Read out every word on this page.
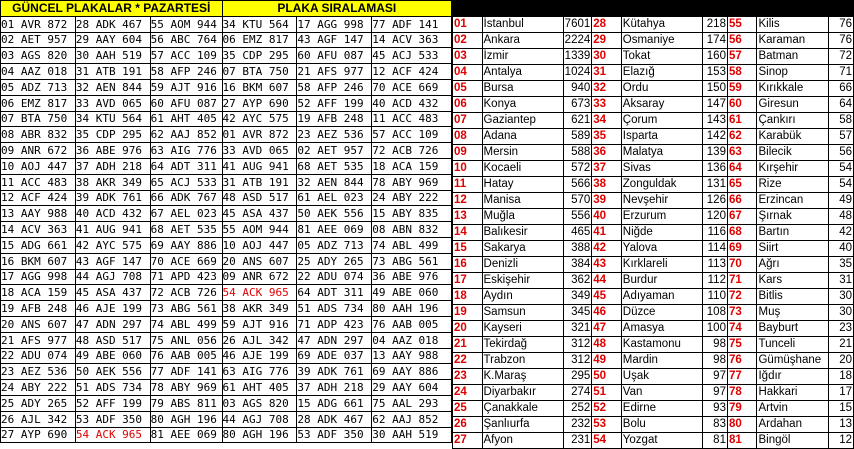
GÜNCEL PLAKALAR * PAZARTESİ			PLAKA SIRALAMASI		
01 AVR 872	28 ADK 467	55 AOM 944	34 KTU 564	17 AGG 998	77 ADF 141
02 AET 957	29 AAY 604	56 ABC 764	06 EMZ 817	43 AGF 147	14 ACV 363
03 AGS 820	30 AAH 519	57 ACC 109	35 CDP 295	60 AFU 087	45 ACJ 533
04 AAZ 018	31 ATB 191	58 AFP 246	07 BTA 750	21 AFS 977	12 ACF 424
05 ADZ 713	32 AEN 844	59 AJT 916	16 BKM 607	58 AFP 246	70 ACE 669
06 EMZ 817	33 AVD 065	60 AFU 087	27 AYP 690	52 AFF 199	40 ACD 432
07 BTA 750	34 KTU 564	61 AHT 405	42 AYC 575	19 AFB 248	11 ACC 483
08 ABR 832	35 CDP 295	62 AAJ 852	01 AVR 872	23 AEZ 536	57 ACC 109
09 ANR 672	36 ABE 976	63 AIG 776	33 AVD 065	02 AET 957	72 ACB 726
10 AOJ 447	37 ADH 218	64 ADT 311	41 AUG 941	68 AET 535	18 ACA 159
11 ACC 483	38 AKR 349	65 ACJ 533	31 ATB 191	32 AEN 844	78 ABY 969
12 ACF 424	39 ADK 761	66 ADK 767	48 ASD 517	61 AEL 023	24 ABY 222
13 AAY 988	40 ACD 432	67 AEL 023	45 ASA 437	50 AEK 556	15 ABY 835
14 ACV 363	41 AUG 941	68 AET 535	55 AOM 944	81 AEE 069	08 ABN 832
15 ADG 661	42 AYC 575	69 AAY 886	10 AOJ 447	05 ADZ 713	74 ABL 499
16 BKM 607	43 AGF 147	70 ACE 669	20 ANS 607	25 ADY 265	73 ABG 561
17 AGG 998	44 AGJ 708	71 APD 423	09 ANR 672	22 ADU 074	36 ABE 976
18 ACA 159	45 ASA 437	72 ACB 726	54 ACK 965	64 ADT 311	49 ABE 060
19 AFB 248	46 AJE 199	73 ABG 561	38 AKR 349	51 ADS 734	80 AAH 196
20 ANS 607	47 ADN 297	74 ABL 499	59 AJT 916	71 ADP 423	76 AAB 005
21 AFS 977	48 ASD 517	75 ANL 056	26 AJL 342	47 ADN 297	04 AAZ 018
22 ADU 074	49 ABE 060	76 AAB 005	46 AJE 199	69 ADE 037	13 AAY 988
23 AEZ 536	50 AEK 556	77 ADF 141	63 AIG 776	39 ADK 761	69 AAY 886
24 ABY 222	51 ADS 734	78 ABY 969	61 AHT 405	37 ADH 218	29 AAY 604
25 ADY 265	52 AFF 199	79 ABS 811	03 AGS 820	15 ADG 661	75 AAL 293
26 AJL 342	53 ADF 350	80 AGH 196	44 AGJ 708	28 ADK 467	62 AAJ 852
27 AYP 690	54 ACK 965	81 AEE 069	80 AGH 196	53 ADF 350	30 AAH 519

01	İstanbul	7601	28	Kütahya	218	55	Kilis	76
02	Ankara	2224	29	Osmaniye	174	56	Karaman	76
03	İzmir	1339	30	Tokat	160	57	Batman	72
04	Antalya	1024	31	Elazığ	153	58	Sinop	71
05	Bursa	940	32	Ordu	150	59	Kırıkkale	66
06	Konya	673	33	Aksaray	147	60	Giresun	64
07	Gaziantep	621	34	Çorum	143	61	Çankırı	58
08	Adana	589	35	Isparta	142	62	Karabük	57
09	Mersin	588	36	Malatya	139	63	Bilecik	56
10	Kocaeli	572	37	Sivas	136	64	Kırşehir	54
11	Hatay	566	38	Zonguldak	131	65	Rize	54
12	Manisa	570	39	Nevşehir	126	66	Erzincan	49
13	Muğla	556	40	Erzurum	120	67	Şırnak	48
14	Balıkesir	465	41	Niğde	116	68	Bartın	42
15	Sakarya	388	42	Yalova	114	69	Siirt	40
16	Denizli	384	43	Kırklareli	113	70	Ağrı	35
17	Eskişehir	362	44	Burdur	112	71	Kars	31
18	Aydın	349	45	Adıyaman	110	72	Bitlis	30
19	Samsun	345	46	Düzce	108	73	Muş	30
20	Kayseri	321	47	Amasya	100	74	Bayburt	23
21	Tekirdağ	312	48	Kastamonu	98	75	Tunceli	21
22	Trabzon	312	49	Mardin	98	76	Gümüşhane	20
23	K.Maraş	295	50	Uşak	97	77	Iğdır	18
24	Diyarbakır	274	51	Van	97	78	Hakkari	17
25	Çanakkale	252	52	Edirne	93	79	Artvin	15
26	Şanlıurfa	232	53	Bolu	83	80	Ardahan	13
27	Afyon	231	54	Yozgat	81	81	Bingöl	12
